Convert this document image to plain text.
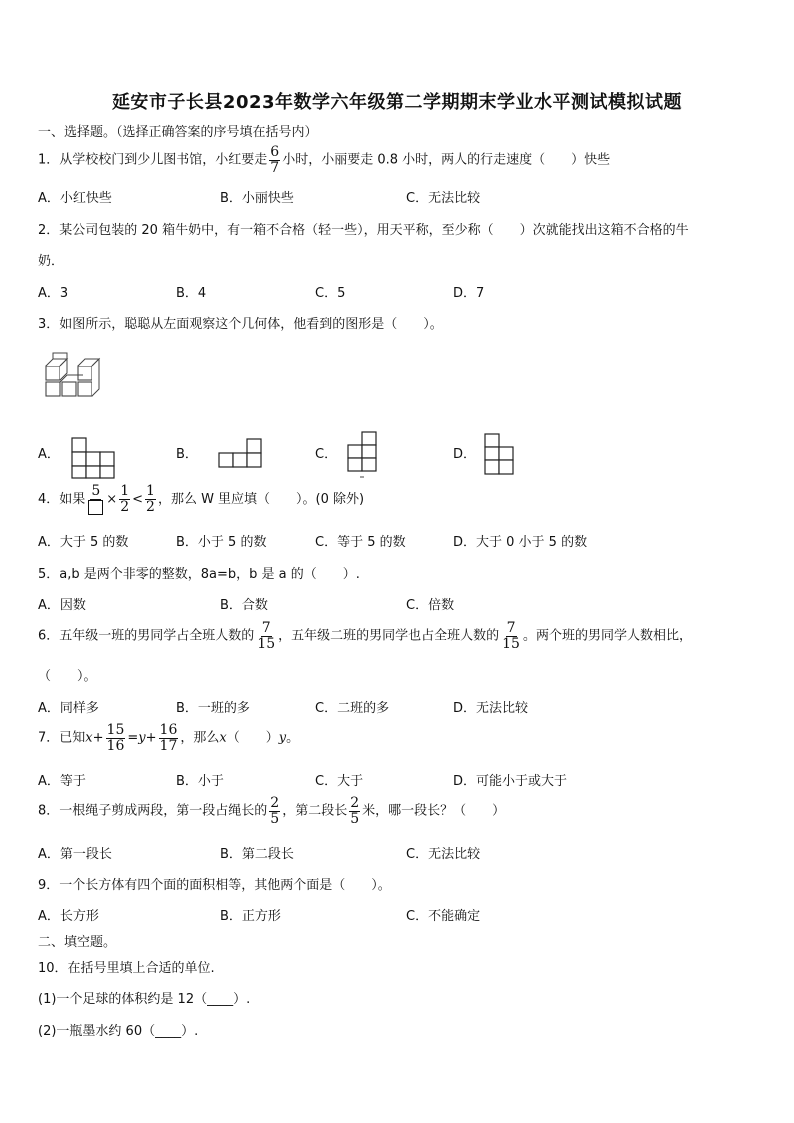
延安市子长县2023年数学六年级第二学期期末学业水平测试模拟试题
一、选择题。（选择正确答案的序号填在括号内）
1．从学校校门到少儿图书馆，小红要走 $\frac{6}{7}$ 小时，小丽要走 0.8 小时，两人的行走速度（　　）快些
A．小红快些	B．小丽快些	C．无法比较
2．某公司包装的 20 箱牛奶中，有一箱不合格（轻一些），用天平称，至少称（　　）次就能找出这箱不合格的牛
奶．
A．3	B．4	C．5	D．7
3．如图所示，聪聪从左面观察这个几何体，他看到的图形是（　　）。
A．	B．	C．	D．
4．如果
5
× $\frac{1}{2} < \frac{1}{2}$ ，那么 W 里应填（　　）。(0 除外)
A．大于 5 的数	B．小于 5 的数	C．等于 5 的数	D．大于 0 小于 5 的数
5．a,b 是两个非零的整数，8a=b，b 是 a 的（　　）.
A．因数	B．合数	C．倍数
6．五年级一班的男同学占全班人数的 $\frac{7}{15}$ ，五年级二班的男同学也占全班人数的 $\frac{7}{15}$ 。两个班的男同学人数相比，
（　　）。
A．同样多	B．一班的多	C．二班的多	D．无法比较
7．已知$x+ \frac{15}{16} =y+ \frac{16}{17}$ ，那么x（　　）y。
A．等于	B．小于	C．大于	D．可能小于或大于
8．一根绳子剪成两段，第一段占绳长的 $\frac{2}{5}$ ，第二段长 $\frac{2}{5}$ 米，哪一段长？（　　）
A．第一段长	B．第二段长	C．无法比较
9．一个长方体有四个面的面积相等，其他两个面是（　　）。
A．长方形	B．正方形	C．不能确定
二、填空题。
10．在括号里填上合适的单位.
(1)一个足球的体积约是 12（____）.
(2)一瓶墨水约 60（____）.
